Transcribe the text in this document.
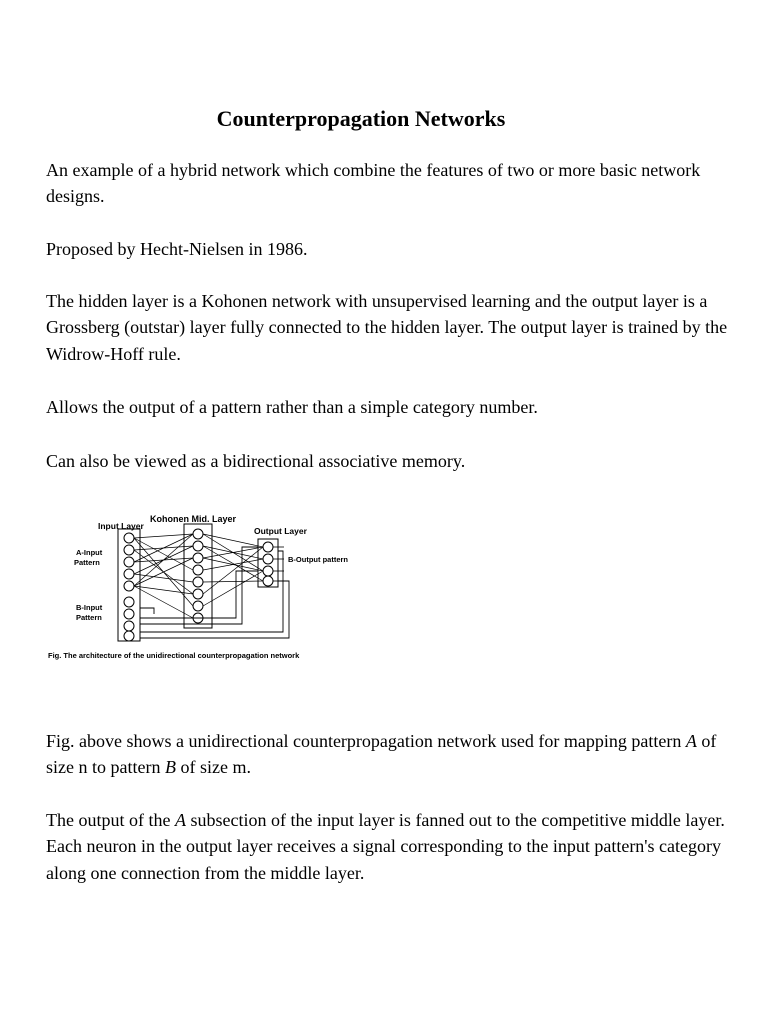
Counterpropagation Networks

An example of a hybrid network which combine the features of two or more basic network designs.

Proposed by Hecht-Nielsen in 1986.

The hidden layer is a Kohonen network with unsupervised learning and the output layer is a Grossberg (outstar) layer fully connected to the hidden layer. The output layer is trained by the Widrow-Hoff rule.

Allows the output of a pattern rather than a simple category number.

Can also be viewed as a bidirectional associative memory.

Kohonen Mid. Layer
Input Layer	Output Layer
A-Input
Pattern
B-Input
Pattern
B-Output pattern
Fig. The architecture of the unidirectional counterpropagation network

Fig. above shows a unidirectional counterpropagation network used for mapping pattern A of size n to pattern B of size m.

The output of the A subsection of the input layer is fanned out to the competitive middle layer. Each neuron in the output layer receives a signal corresponding to the input pattern's category along one connection from the middle layer.
